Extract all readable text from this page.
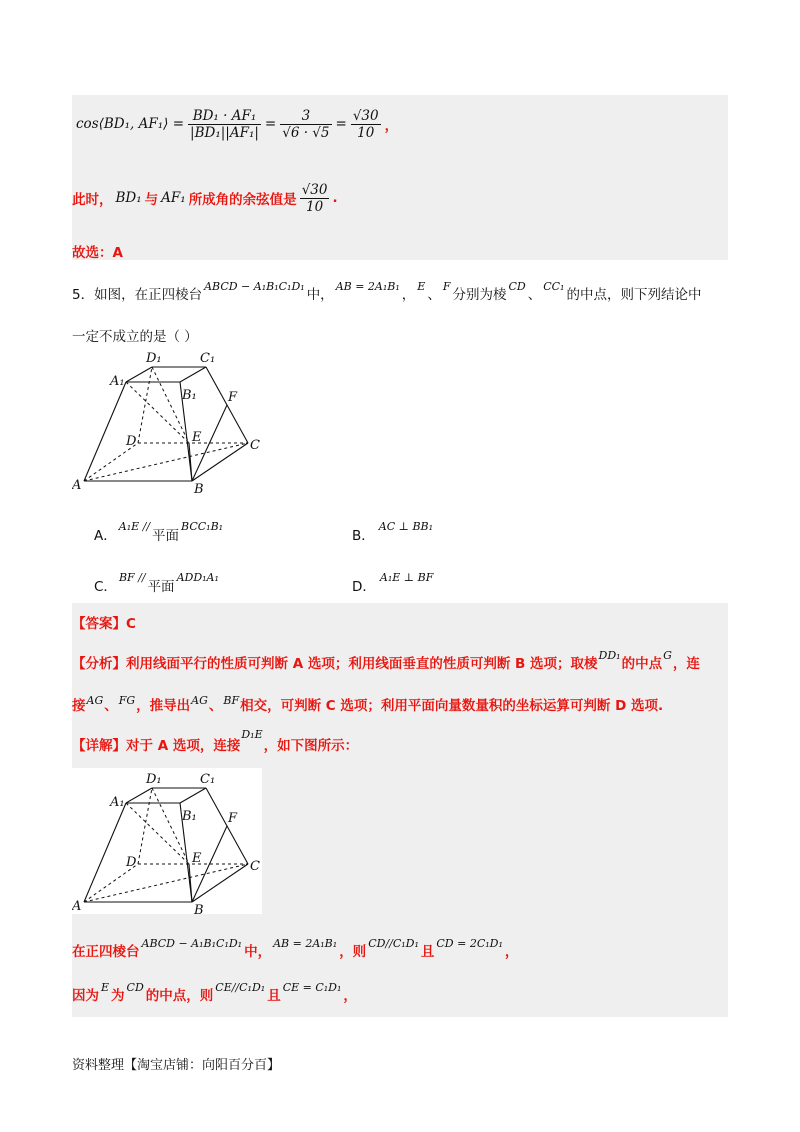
cos⟨BD₁, AF₁⟩ = $\frac{\text{BD₁ · AF₁}}{\text{|BD₁||AF₁|}} = \frac{3}{√6 \cdot √5} = \frac{√30}{10}$ ，
此时， BD₁ 与 AF₁ 所成角的余弦值是 $\frac{√30}{10}$ .
故选：A
5．如图，在正四棱台
ABCD − A₁B₁C₁D₁
中，
AB = 2A₁B₁
，
E
、
F
分别为棱
CD
、
CC₁
的中点，则下列结论中
一定不成立的是（ ）
D₁	C₁
A₁
B₁ F
D	E
C
A	B
A．
A₁E //
平面
BCC₁B₁
B．
AC ⊥ BB₁
C．
BF //
平面
ADD₁A₁
D．
A₁E ⊥ BF
【答案】C
【分析】利用线面平行的性质可判断 A 选项；利用线面垂直的性质可判断 B 选项；取棱
DD₁
的中点
G
，连
接 AG 、 FG ，推导出 AG 、 BF 相交，可判断 C 选项；利用平面向量数量积的坐标运算可判断 D 选项.
【详解】对于 A 选项，连接
D₁E
，如下图所示：
D₁	C₁
A₁
B₁ F
D	E
C
A	B
在正四棱台
ABCD − A₁B₁C₁D₁
中，
AB = 2A₁B₁
，则
CD//C₁D₁
且
CD = 2C₁D₁
，
因为
E
为
CD
的中点，则
CE//C₁D₁
且
CE = C₁D₁
，
资料整理【淘宝店铺：向阳百分百】
